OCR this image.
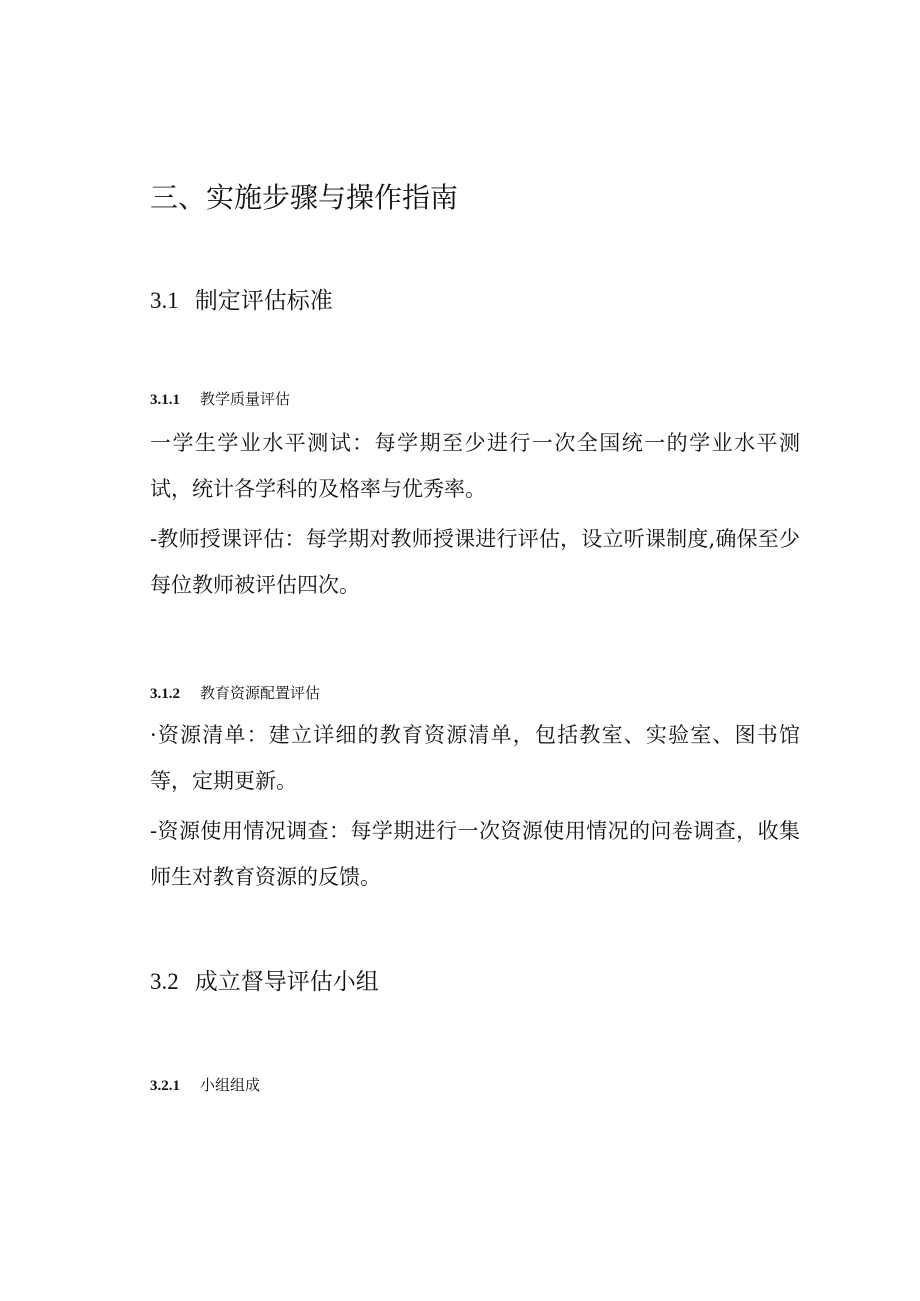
三、实施步骤与操作指南
3.1 制定评估标准
3.1.1 教学质量评估

一学生学业水平测试：每学期至少进行一次全国统一的学业水平测试，统计各学科的及格率与优秀率。

-教师授课评估：每学期对教师授课进行评估，设立听课制度,确保至少每位教师被评估四次。

3.1.2 教育资源配置评估

·资源清单：建立详细的教育资源清单，包括教室、实验室、图书馆等，定期更新。

-资源使用情况调查：每学期进行一次资源使用情况的问卷调查，收集师生对教育资源的反馈。

3.2 成立督导评估小组
3.2.1 小组组成
